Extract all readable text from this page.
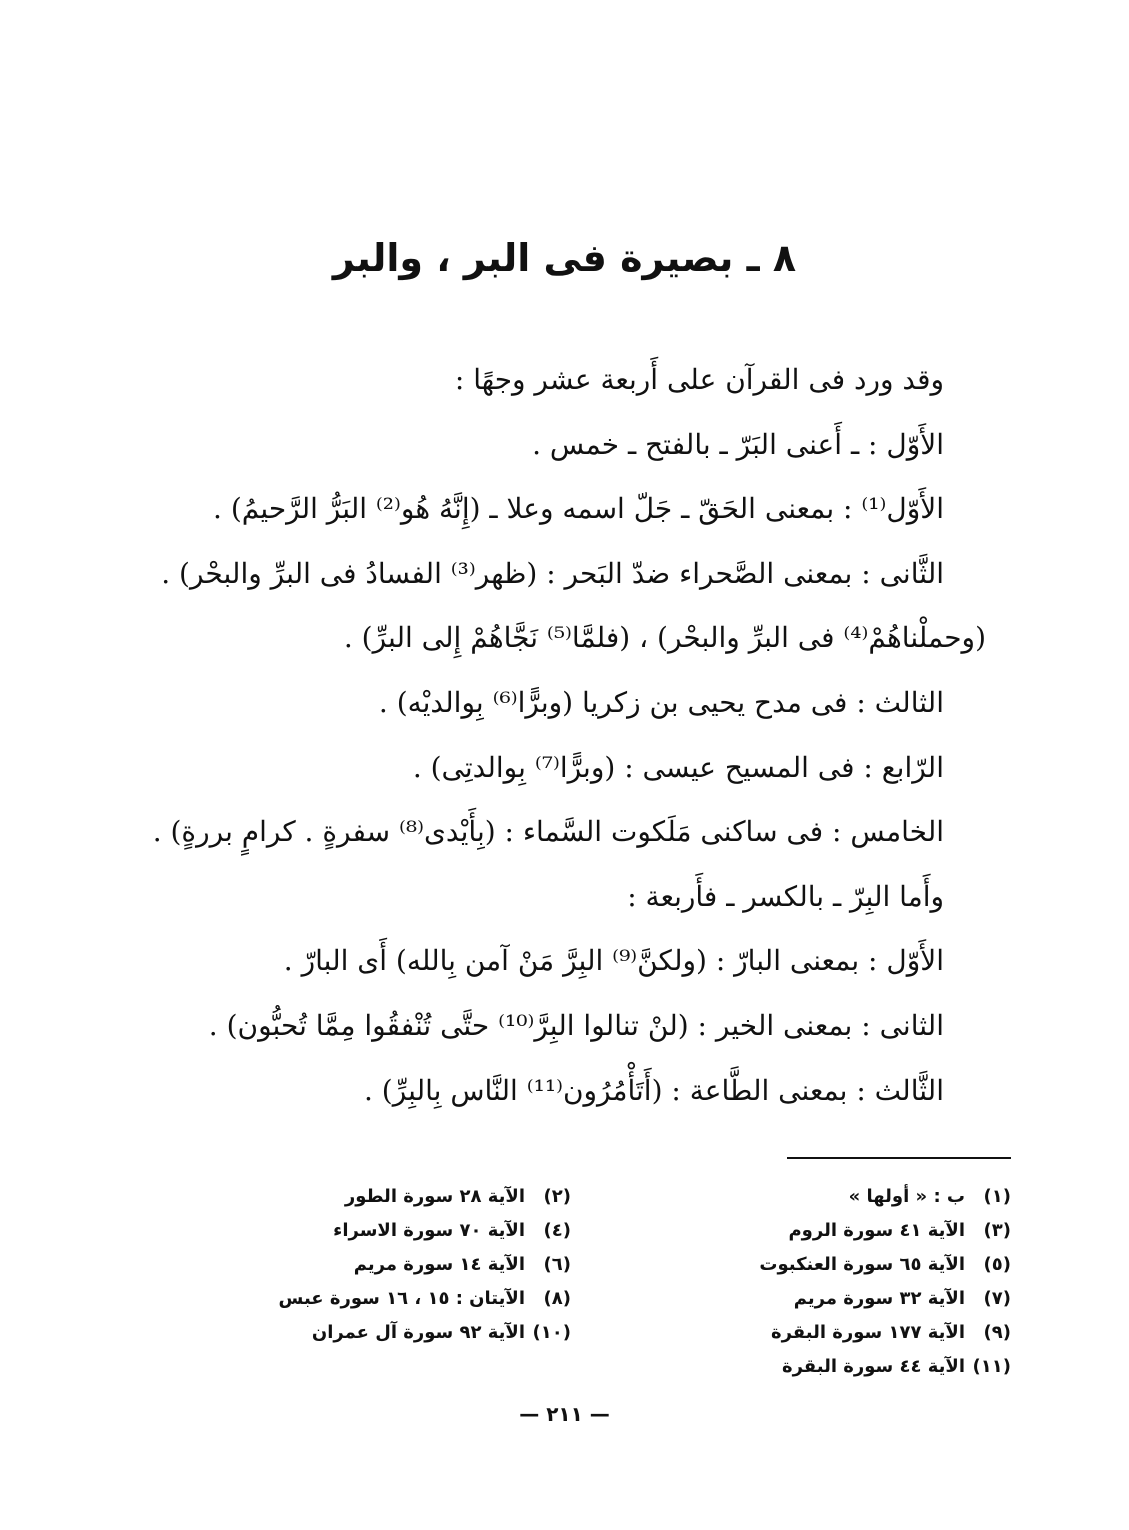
٨ ـ بصيرة فى البر ، والبر
وقد ورد فى القرآن على أَربعة عشر وجهًا :
الأَوّل : ـ أَعنى البَرّ ـ بالفتح ـ خمس .
الأَوّل⁽¹⁾ : بمعنى الحَقّ ـ جَلّ اسمه وعلا ـ (إِنَّهُ هُو⁽²⁾ البَرُّ الرَّحيمُ) .
الثَّانى : بمعنى الصَّحراء ضدّ البَحر : (ظهر⁽³⁾ الفسادُ فى البرِّ والبحْر) .
(وحملْناهُمْ⁽⁴⁾ فى البرِّ والبحْر) ، (فلمَّا⁽⁵⁾ نَجَّاهُمْ إِلى البرِّ) .
الثالث : فى مدح يحيى بن زكريا (وبرًّا⁽⁶⁾ بِوالديْه) .
الرّابع : فى المسيح عيسى : (وبرًّا⁽⁷⁾ بِوالدتِى) .
الخامس : فى ساكنى مَلَكوت السَّماء : (بِأَيْدى⁽⁸⁾ سفرةٍ . كرامٍ بررةٍ) .
وأَما البِرّ ـ بالكسر ـ فأَربعة :
الأَوّل : بمعنى البارّ : (ولكنَّ⁽⁹⁾ البِرَّ مَنْ آمن بِالله) أَى البارّ .
الثانى : بمعنى الخير : (لنْ تنالوا البِرَّ⁽¹⁰⁾ حتَّى تُنْفقُوا مِمَّا تُحبُّون) .
الثَّالث : بمعنى الطَّاعة : (أَتَأْمُرُون⁽¹¹⁾ النَّاس بِالبِرِّ) .
(١)ب : « أولها »
(٣)الآية ٤١ سورة الروم
(٥)الآية ٦٥ سورة العنكبوت
(٧)الآية ٣٢ سورة مريم
(٩)الآية ١٧٧ سورة البقرة
(١١)الآية ٤٤ سورة البقرة
(٢)الآية ٢٨ سورة الطور
(٤)الآية ٧٠ سورة الاسراء
(٦)الآية ١٤ سورة مريم
(٨)الآيتان : ١٥ ، ١٦ سورة عبس
(١٠)الآية ٩٢ سورة آل عمران
— ٢١١ —
